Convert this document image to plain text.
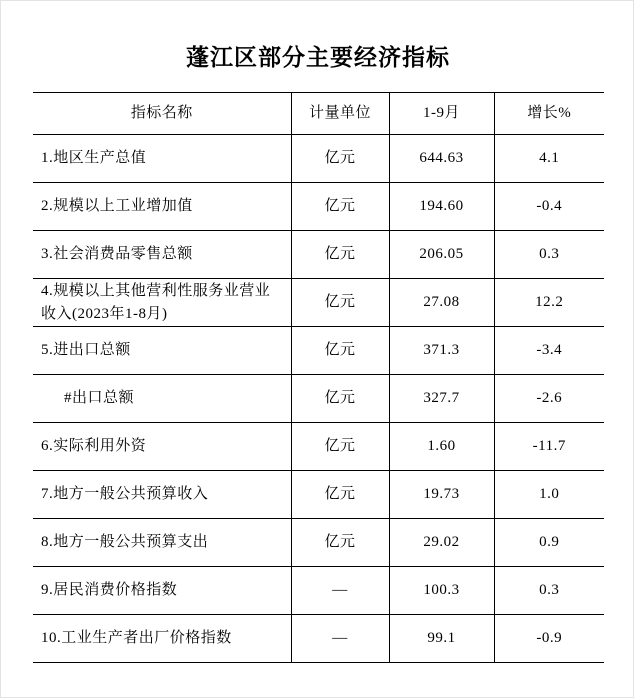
蓬江区部分主要经济指标
指标名称	计量单位	1-9月	增长%
1.地区生产总值	亿元	644.63	4.1
2.规模以上工业增加值	亿元	194.60	-0.4
3.社会消费品零售总额	亿元	206.05	0.3
4.规模以上其他营利性服务业营业收入(2023年1-8月)	亿元	27.08	12.2
5.进出口总额	亿元	371.3	-3.4
#出口总额	亿元	327.7	-2.6
6.实际利用外资	亿元	1.60	-11.7
7.地方一般公共预算收入	亿元	19.73	1.0
8.地方一般公共预算支出	亿元	29.02	0.9
9.居民消费价格指数	—	100.3	0.3
10.工业生产者出厂价格指数	—	99.1	-0.9
